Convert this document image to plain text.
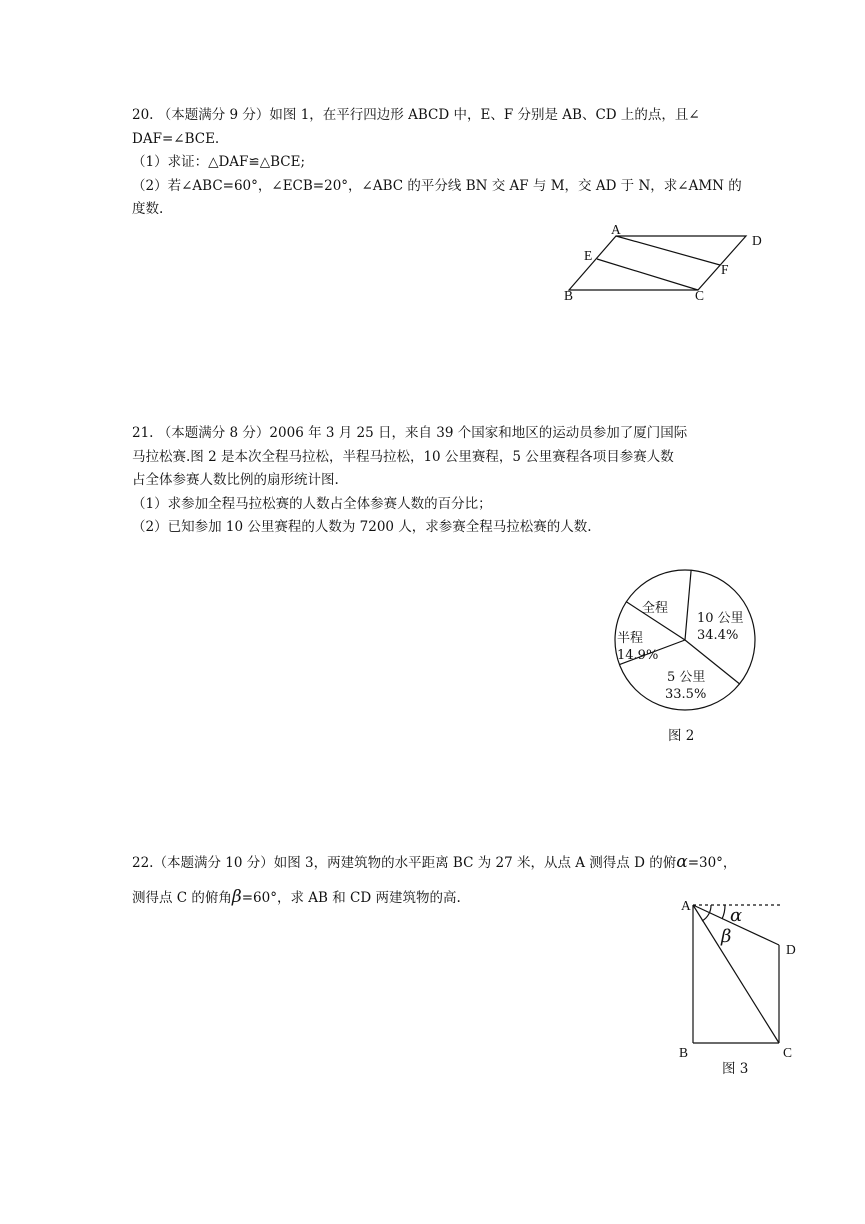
20. （本题满分 9 分）如图 1，在平行四边形 ABCD 中，E、F 分别是 AB、CD 上的点，且∠

DAF=∠BCE.

（1）求证：△DAF≌△BCE;

（2）若∠ABC=60°，∠ECB=20°，∠ABC 的平分线 BN 交 AF 与 M，交 AD 于 N，求∠AMN 的

度数.

A
D
E
F
B	C

21. （本题满分 8 分）2006 年 3 月 25 日，来自 39 个国家和地区的运动员参加了厦门国际

马拉松赛.图 2 是本次全程马拉松，半程马拉松，10 公里赛程，5 公里赛程各项目参赛人数

占全体参赛人数比例的扇形统计图.

（1）求参加全程马拉松赛的人数占全体参赛人数的百分比；

（2）已知参加 10 公里赛程的人数为 7200 人，求参赛全程马拉松赛的人数.

全程
10 公里
34.4%
半程
14.9%
5 公里
33.5%
图 2

22.（本题满分 10 分）如图 3，两建筑物的水平距离 BC 为 27 米，从点 A 测得点 D 的俯α=30°，

测得点 C 的俯角β=60°，求 AB 和 CD 两建筑物的高.	A
D
B	C
α
β
图 3
